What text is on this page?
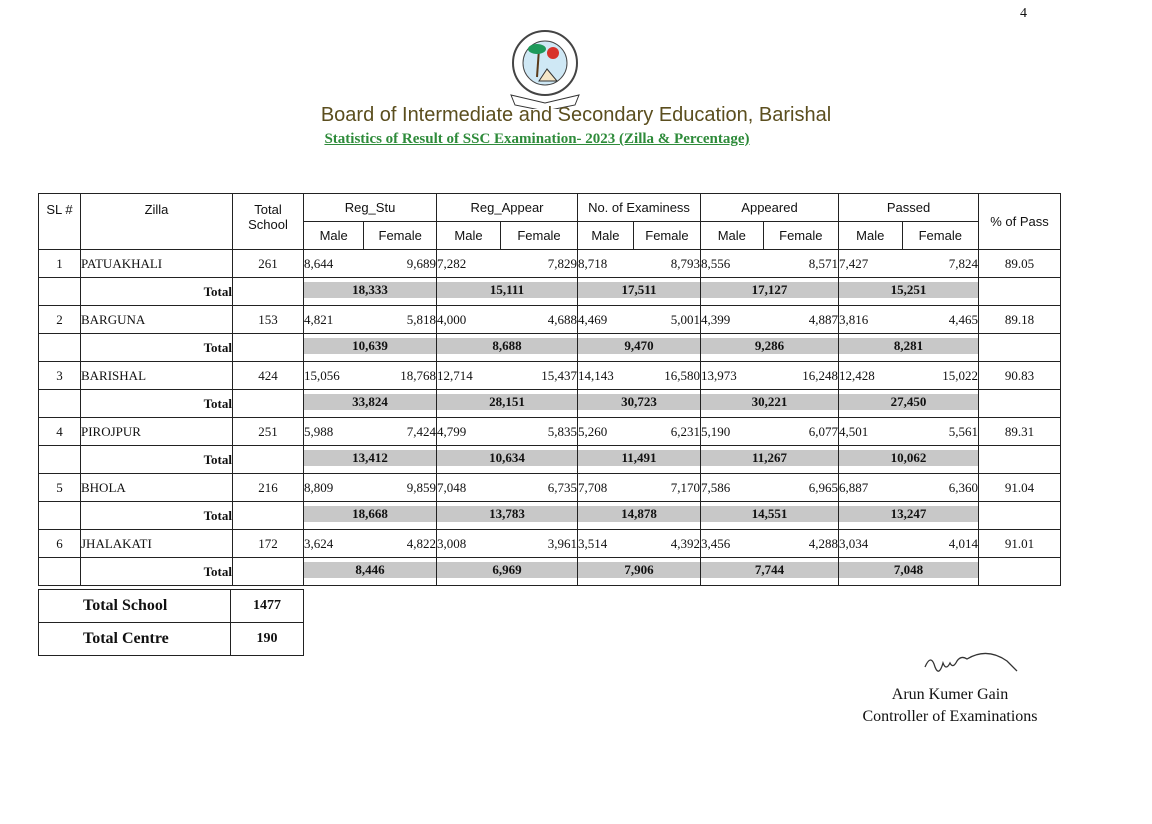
4
Board of Intermediate and Secondary Education, Barishal
Statistics of Result of SSC Examination- 2023 (Zilla & Percentage)
SL #	Zilla	Total School	Reg_Stu	Reg_Appear	No. of Examiness	Appeared	Passed	% of Pass

			Male Female	Male Female	Male Female	Male Female	Male Female	

1	PATUAKHALI	261	8,644 9,689	7,282 7,829	8,718 8,793	8,556 8,571	7,427 7,824	89.05
	Total		18,333	15,111	17,511	17,127	15,251	

2	BARGUNA	153	4,821 5,818	4,000 4,688	4,469 5,001	4,399 4,887	3,816 4,465	89.18
	Total		10,639	8,688	9,470	9,286	8,281	

3	BARISHAL	424	15,056 18,768	12,714 15,437	14,143 16,580	13,973 16,248	12,428 15,022	90.83
	Total		33,824	28,151	30,723	30,221	27,450	

4	PIROJPUR	251	5,988 7,424	4,799 5,835	5,260 6,231	5,190 6,077	4,501 5,561	89.31
	Total		13,412	10,634	11,491	11,267	10,062	

5	BHOLA	216	8,809 9,859	7,048 6,735	7,708 7,170	7,586 6,965	6,887 6,360	91.04
	Total		18,668	13,783	14,878	14,551	13,247	

6	JHALAKATI	172	3,624 4,822	3,008 3,961	3,514 4,392	3,456 4,288	3,034 4,014	91.01
	Total		8,446	6,969	7,906	7,744	7,048	

Total School	1477
Total Centre	190
Arun Kumer Gain
Controller of Examinations
